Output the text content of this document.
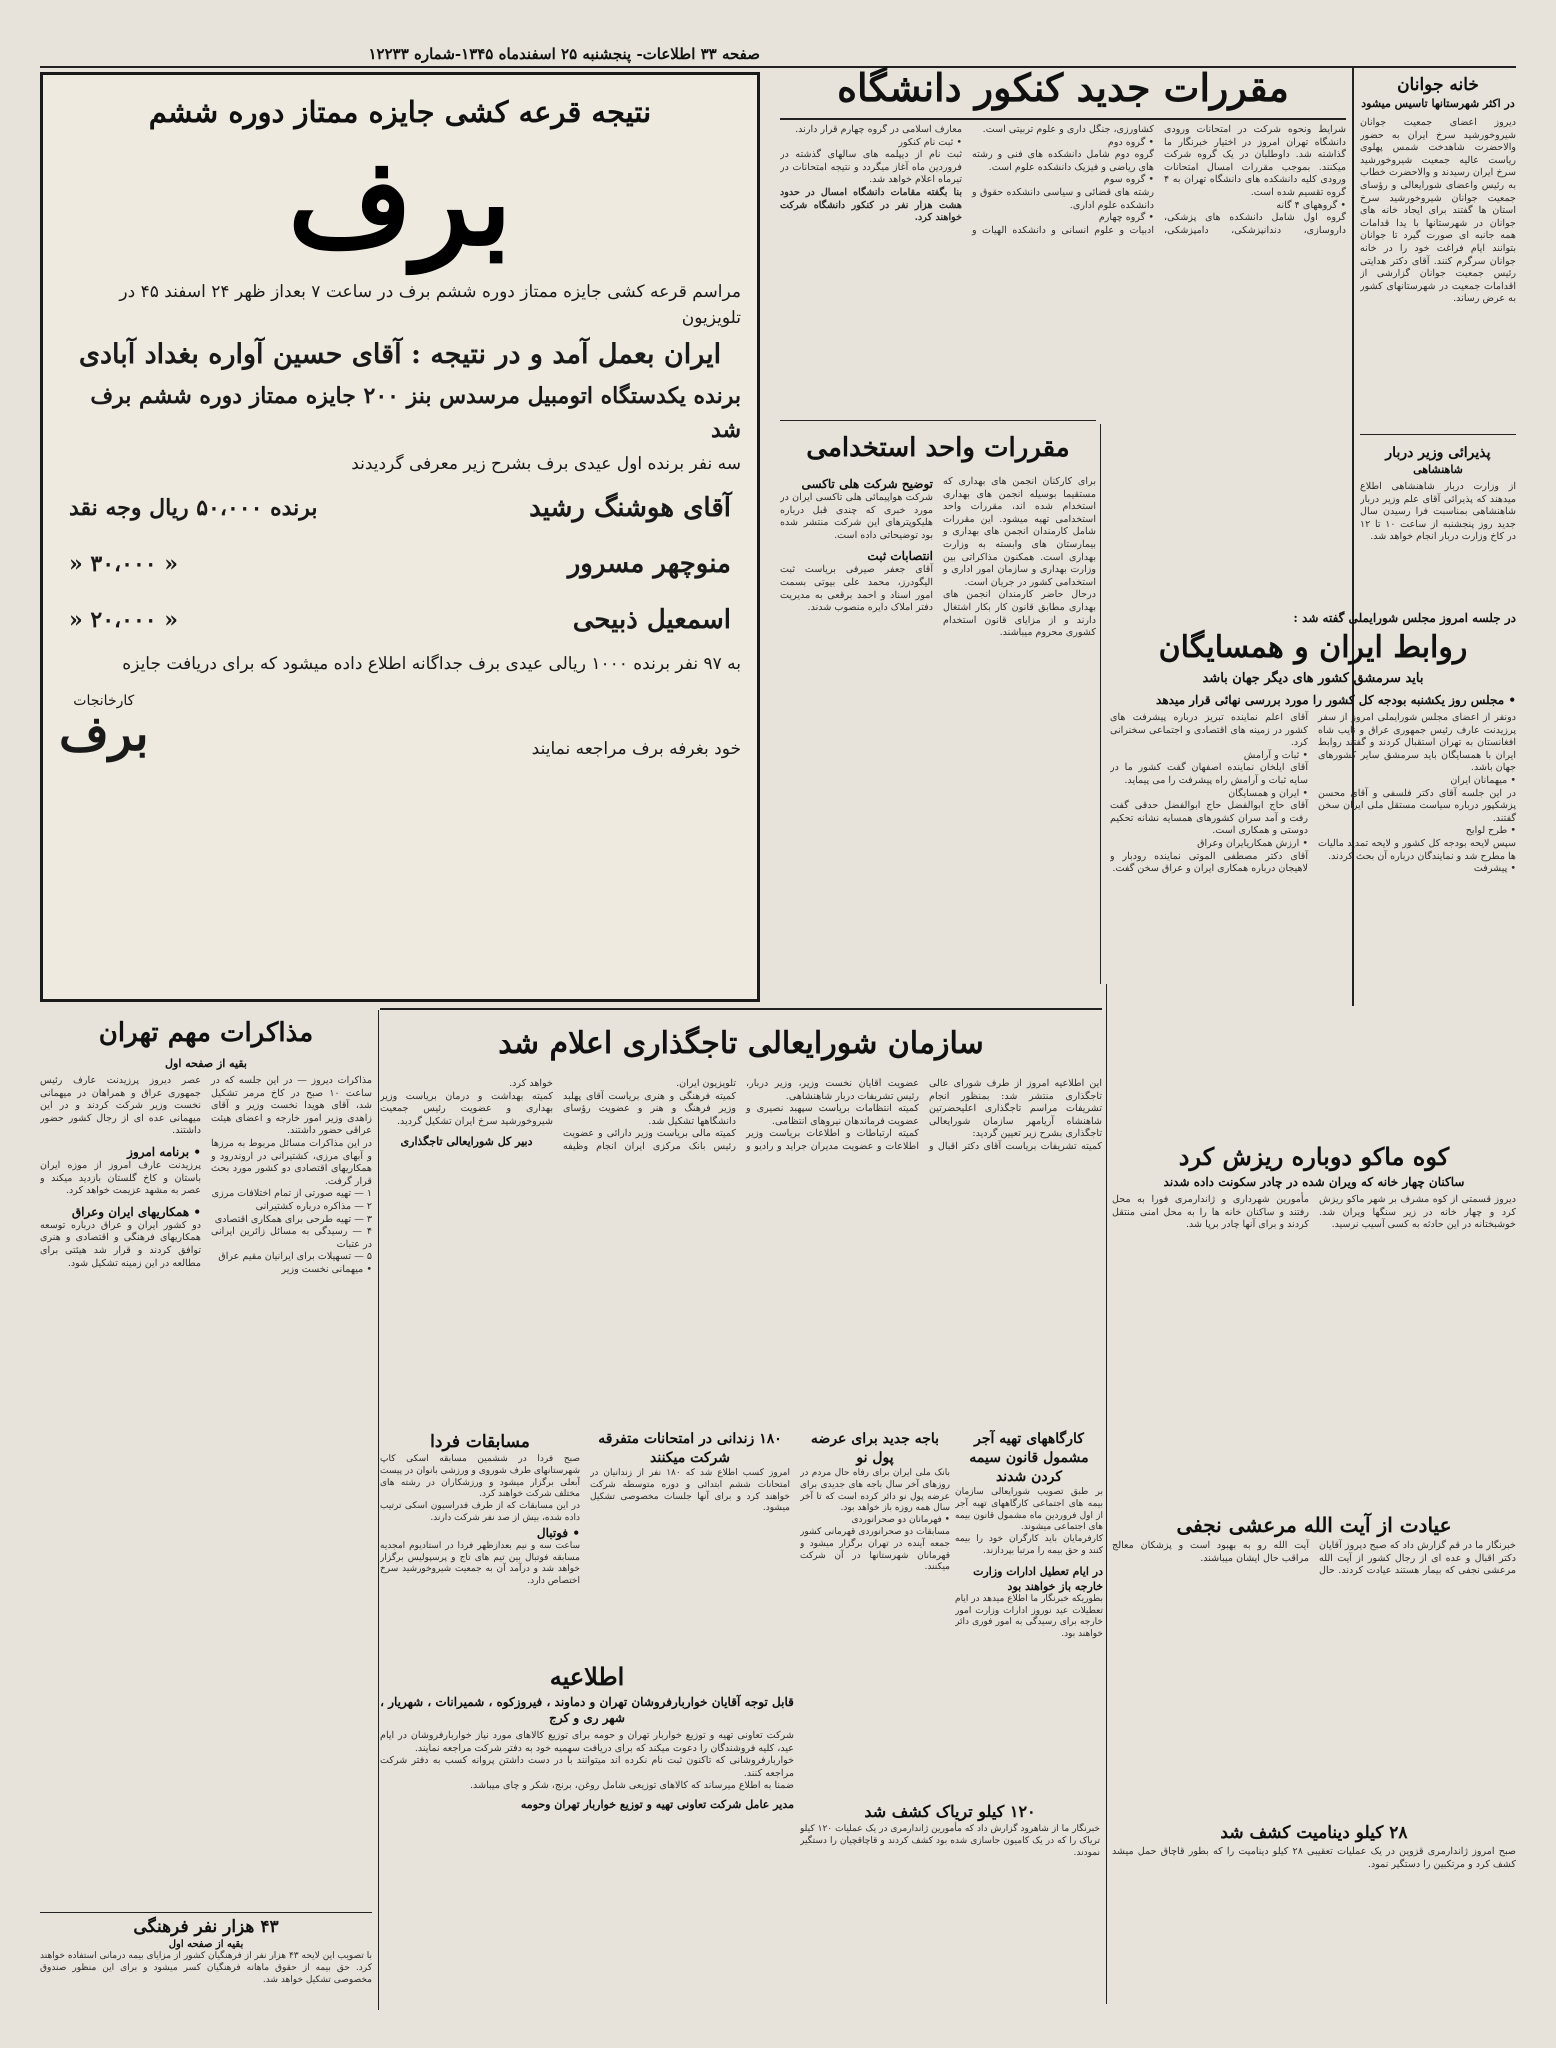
صفحه ۳۳ اطلاعات- پنجشنبه ۲۵ اسفندماه ۱۳۴۵-شماره ۱۲۲۳۳
نتیجه قرعه کشی جایزه ممتاز دوره ششم
برف
مراسم قرعه کشی جایزه ممتاز دوره ششم برف در ساعت ۷ بعداز ظهر ۲۴ اسفند ۴۵ در تلویزیون
ایران بعمل آمد و در نتیجه : آقای حسین آواره بغداد آبادی
برنده یکدستگاه اتومبیل مرسدس بنز ۲۰۰ جایزه ممتاز دوره ششم برف شد
سه نفر برنده اول عیدی برف بشرح زیر معرفی گردیدند
آقای هوشنگ رشید
برنده ۵۰،۰۰۰ ریال وجه نقد
منوچهر مسرور
« ۳۰،۰۰۰ «
اسمعیل ذبیحی
« ۲۰،۰۰۰ «
به ۹۷ نفر برنده ۱۰۰۰ ریالی عیدی برف جداگانه اطلاع داده میشود که برای دریافت جایزه
خود بغرفه برف مراجعه نمایند
کارخانجات
برف
خانه جوانان
در اکثر شهرستانها تاسیس میشود
دیروز اعضای جمعیت جوانان شیروخورشید سرخ ایران به حضور والاحضرت شاهدخت شمس پهلوی ریاست عالیه جمعیت شیروخورشید سرخ ایران رسیدند و والاحضرت خطاب به رئیس واعضای شورایعالی و رؤسای جمعیت جوانان شیروخورشید سرخ استان ها گفتند برای ایجاد خانه های جوانان در شهرستانها با یدا قدامات همه جانبه ای صورت گیرد تا جوانان بتوانند ایام فراغت خود را در خانه جوانان سرگرم کنند. آقای دکتر هدایتی رئیس جمعیت جوانان گزارشی از اقدامات جمعیت در شهرستانهای کشور به عرض رساند.
پذیرائی وزیر دربار
شاهنشاهی
از وزارت دربار شاهنشاهی اطلاع میدهند که پذیرائی آقای علم وزیر دربار شاهنشاهی بمناسبت فرا رسیدن سال جدید روز پنجشنبه از ساعت ۱۰ تا ۱۲ در کاخ وزارت دربار انجام خواهد شد.
مقررات جدید کنکور دانشگاه
شرایط ونحوه شرکت در امتحانات ورودی دانشگاه تهران امروز در اختیار خبرنگار ما گذاشته شد. داوطلبان در یک گروه شرکت میکنند. بموجب مقررات امسال امتحانات ورودی کلیه دانشکده های دانشگاه تهران به ۴ گروه تقسیم شده است.
• گروههای ۴ گانه
گروه اول شامل دانشکده های پزشکی، داروسازی، دندانپزشکی، دامپزشکی، کشاورزی، جنگل داری و علوم تربیتی است.
• گروه دوم
گروه دوم شامل دانشکده های فنی و رشته های ریاضی و فیزیک دانشکده علوم است.
• گروه سوم
رشته های قضائی و سیاسی دانشکده حقوق و دانشکده علوم اداری.
• گروه چهارم
ادبیات و علوم انسانی و دانشکده الهیات و معارف اسلامی در گروه چهارم قرار دارند.
• ثبت نام کنکور
ثبت نام از دیپلمه های سالهای گذشته در فروردین ماه آغاز میگردد و نتیجه امتحانات در تیرماه اعلام خواهد شد.
بنا بگفته مقامات دانشگاه امسال در حدود هشت هزار نفر در کنکور دانشگاه شرکت خواهند کرد.
مقررات واحد استخدامی
برای کارکنان انجمن های بهداری که مستقیما بوسیله انجمن های بهداری استخدام شده اند، مقررات واحد استخدامی تهیه میشود. این مقررات شامل کارمندان انجمن های بهداری و بیمارستان های وابسته به وزارت بهداری است. همکنون مذاکراتی بین وزارت بهداری و سازمان امور اداری و استخدامی کشور در جریان است.
درحال حاضر کارمندان انجمن های بهداری مطابق قانون کار بکار اشتغال دارند و از مزایای قانون استخدام کشوری محروم میباشند.
توضیح شرکت هلی تاکسی
شرکت هواپیمائی هلی تاکسی ایران در مورد خبری که چندی قبل درباره هلیکوپترهای این شرکت منتشر شده بود توضیحاتی داده است.
انتصابات ثبت
آقای جعفر صیرفی بریاست ثبت الیگودرز، محمد علی بیوتی بسمت امور اسناد و احمد برقعی به مدیریت دفتر املاک دایره منصوب شدند.
در جلسه امروز مجلس شورایملی گفته شد :
روابط ایران و همسایگان
باید سرمشق کشور های دیگر جهان باشد
• مجلس روز یکشنبه بودجه کل کشور را مورد بررسی نهائی قرار میدهد
دونفر از اعضای مجلس شورایملی امروز از سفر پرزیدنت عارف رئیس جمهوری عراق و نایب شاه افغانستان به تهران استقبال کردند و گفتند روابط ایران با همسایگان باید سرمشق سایر کشورهای جهان باشد.
• میهمانان ایران
در این جلسه آقای دکتر فلسفی و آقای محسن پزشکپور درباره سیاست مستقل ملی ایران سخن گفتند.
• طرح لوایح
سپس لایحه بودجه کل کشور و لایحه تمدید مالیات ها مطرح شد و نمایندگان درباره آن بحث کردند.
• پیشرفت
آقای اعلم نماینده تبریز درباره پیشرفت های کشور در زمینه های اقتصادی و اجتماعی سخنرانی کرد.
• ثبات و آرامش
آقای ایلخان نماینده اصفهان گفت کشور ما در سایه ثبات و آرامش راه پیشرفت را می پیماید.
• ایران و همسایگان
آقای حاج ابوالفضل حاج ابوالفضل حدقی گفت رفت و آمد سران کشورهای همسایه نشانه تحکیم دوستی و همکاری است.
• ارزش همکاریایران وعراق
آقای دکتر مصطفی الموتی نماینده رودبار و لاهیجان درباره همکاری ایران و عراق سخن گفت.
سازمان شورایعالی تاجگذاری اعلام شد
این اطلاعیه امروز از طرف شورای عالی تاجگذاری منتشر شد: بمنظور انجام تشریفات مراسم تاجگذاری اعلیحضرتین شاهنشاه آریامهر سازمان شورایعالی تاجگذاری بشرح زیر تعیین گردید:
کمیته تشریفات بریاست آقای دکتر اقبال و عضویت آقایان نخست وزیر، وزیر دربار، رئیس تشریفات دربار شاهنشاهی.
کمیته انتظامات بریاست سپهبد نصیری و عضویت فرماندهان نیروهای انتظامی.
کمیته ارتباطات و اطلاعات بریاست وزیر اطلاعات و عضویت مدیران جراید و رادیو و تلویزیون ایران.
کمیته فرهنگی و هنری بریاست آقای پهلبد وزیر فرهنگ و هنر و عضویت رؤسای دانشگاهها تشکیل شد.
کمیته مالی بریاست وزیر دارائی و عضویت رئیس بانک مرکزی ایران انجام وظیفه خواهد کرد.
کمیته بهداشت و درمان بریاست وزیر بهداری و عضویت رئیس جمعیت شیروخورشید سرخ ایران تشکیل گردید.
دبیر کل شورایعالی تاجگذاری
مذاکرات مهم تهران
بقیه از صفحه اول
مذاکرات دیروز — در این جلسه که در ساعت ۱۰ صبح در کاخ مرمر تشکیل شد، آقای هویدا نخست وزیر و آقای زاهدی وزیر امور خارجه و اعضای هیئت عراقی حضور داشتند.
در این مذاکرات مسائل مربوط به مرزها و آبهای مرزی، کشتیرانی در اروندرود و همکاریهای اقتصادی دو کشور مورد بحث قرار گرفت.
۱ — تهیه صورتی از تمام اختلافات مرزی
۲ — مذاکره درباره کشتیرانی
۳ — تهیه طرحی برای همکاری اقتصادی
۴ — رسیدگی به مسائل زائرین ایرانی در عتبات
۵ — تسهیلات برای ایرانیان مقیم عراق
• میهمانی نخست وزیر
عصر دیروز پرزیدنت عارف رئیس جمهوری عراق و همراهان در میهمانی نخست وزیر شرکت کردند و در این میهمانی عده ای از رجال کشور حضور داشتند.
• برنامه امروز
پرزیدنت عارف امروز از موزه ایران باستان و کاخ گلستان بازدید میکند و عصر به مشهد عزیمت خواهد کرد.
• همکاریهای ایران وعراق
دو کشور ایران و عراق درباره توسعه همکاریهای فرهنگی و اقتصادی و هنری توافق کردند و قرار شد هیئتی برای مطالعه در این زمینه تشکیل شود.
مسابقات فردا
صبح فردا در ششمین مسابقه اسکی کاپ شهرستانهای طرف شوروی و ورزشی بانوان در پیست آبعلی برگزار میشود و ورزشکاران در رشته های مختلف شرکت خواهند کرد.
در این مسابقات که از طرف فدراسیون اسکی ترتیب داده شده، بیش از صد نفر شرکت دارند.
• فوتبال
ساعت سه و نیم بعدازظهر فردا در استادیوم امجدیه مسابقه فوتبال بین تیم های تاج و پرسپولیس برگزار خواهد شد و درآمد آن به جمعیت شیروخورشید سرخ اختصاص دارد.
۱۸۰ زندانی در امتحانات متفرقه شرکت میکنند
امروز کسب اطلاع شد که ۱۸۰ نفر از زندانیان در امتحانات ششم ابتدائی و دوره متوسطه شرکت خواهند کرد و برای آنها جلسات مخصوصی تشکیل میشود.
باجه جدید برای عرضه پول نو
بانک ملی ایران برای رفاه حال مردم در روزهای آخر سال باجه های جدیدی برای عرضه پول نو دائر کرده است که تا آخر سال همه روزه باز خواهد بود.
• فهرمانان دو صحرانوردی
مسابقات دو صحرانوردی قهرمانی کشور جمعه آینده در تهران برگزار میشود و قهرمانان شهرستانها در آن شرکت میکنند.
کارگاههای تهیه آجر مشمول قانون سیمه کردن شدند
بر طبق تصویب شورایعالی سازمان بیمه های اجتماعی کارگاههای تهیه آجر از اول فروردین ماه مشمول قانون بیمه های اجتماعی میشوند.
کارفرمایان باید کارگران خود را بیمه کنند و حق بیمه را مرتبا بپردازند.
در ایام تعطیل ادارات وزارت خارجه باز خواهند بود
بطوریکه خبرنگار ما اطلاع میدهد در ایام تعطیلات عید نوروز ادارات وزارت امور خارجه برای رسیدگی به امور فوری دائر خواهند بود.
کوه ماکو دوباره ریزش کرد
ساکنان چهار خانه که ویران شده در چادر سکونت داده شدند
دیروز قسمتی از کوه مشرف بر شهر ماکو ریزش کرد و چهار خانه در زیر سنگها ویران شد. خوشبختانه در این حادثه به کسی آسیب نرسید.
مأمورین شهرداری و ژاندارمری فورا به محل رفتند و ساکنان خانه ها را به محل امنی منتقل کردند و برای آنها چادر برپا شد.
عیادت از آیت الله مرعشی نجفی
خبرنگار ما در قم گزارش داد که صبح دیروز آقایان دکتر اقبال و عده ای از رجال کشور از آیت الله مرعشی نجفی که بیمار هستند عیادت کردند. حال آیت الله رو به بهبود است و پزشکان معالج مراقب حال ایشان میباشند.
۲۸ کیلو دینامیت کشف شد
صبح امروز ژاندارمری قزوین در یک عملیات تعقیبی ۲۸ کیلو دینامیت را که بطور قاچاق حمل میشد کشف کرد و مرتکبین را دستگیر نمود.
اطلاعیه
قابل توجه آقایان خواربارفروشان تهران و دماوند ، فیروزکوه ، شمیرانات ، شهریار ، شهر ری و کرج
شرکت تعاونی تهیه و توزیع خواربار تهران و حومه برای توزیع کالاهای مورد نیاز خواربارفروشان در ایام عید، کلیه فروشندگان را دعوت میکند که برای دریافت سهمیه خود به دفتر شرکت مراجعه نمایند.
خواربارفروشانی که تاکنون ثبت نام نکرده اند میتوانند با در دست داشتن پروانه کسب به دفتر شرکت مراجعه کنند.
ضمنا به اطلاع میرساند که کالاهای توزیعی شامل روغن، برنج، شکر و چای میباشد.
مدیر عامل شرکت تعاونی تهیه و توزیع خواربار تهران وحومه	۱۲۰ کیلو تریاک کشف شد
خبرنگار ما از شاهرود گزارش داد که مأمورین ژاندارمری در یک عملیات ۱۲۰ کیلو تریاک را که در یک کامیون جاسازی شده بود کشف کردند و قاچاقچیان را دستگیر نمودند.
۴۳ هزار نفر فرهنگی
بقیه از صفحه اول
با تصویب این لایحه ۴۳ هزار نفر از فرهنگیان کشور از مزایای بیمه درمانی استفاده خواهند کرد. حق بیمه از حقوق ماهانه فرهنگیان کسر میشود و برای این منظور صندوق مخصوصی تشکیل خواهد شد.
